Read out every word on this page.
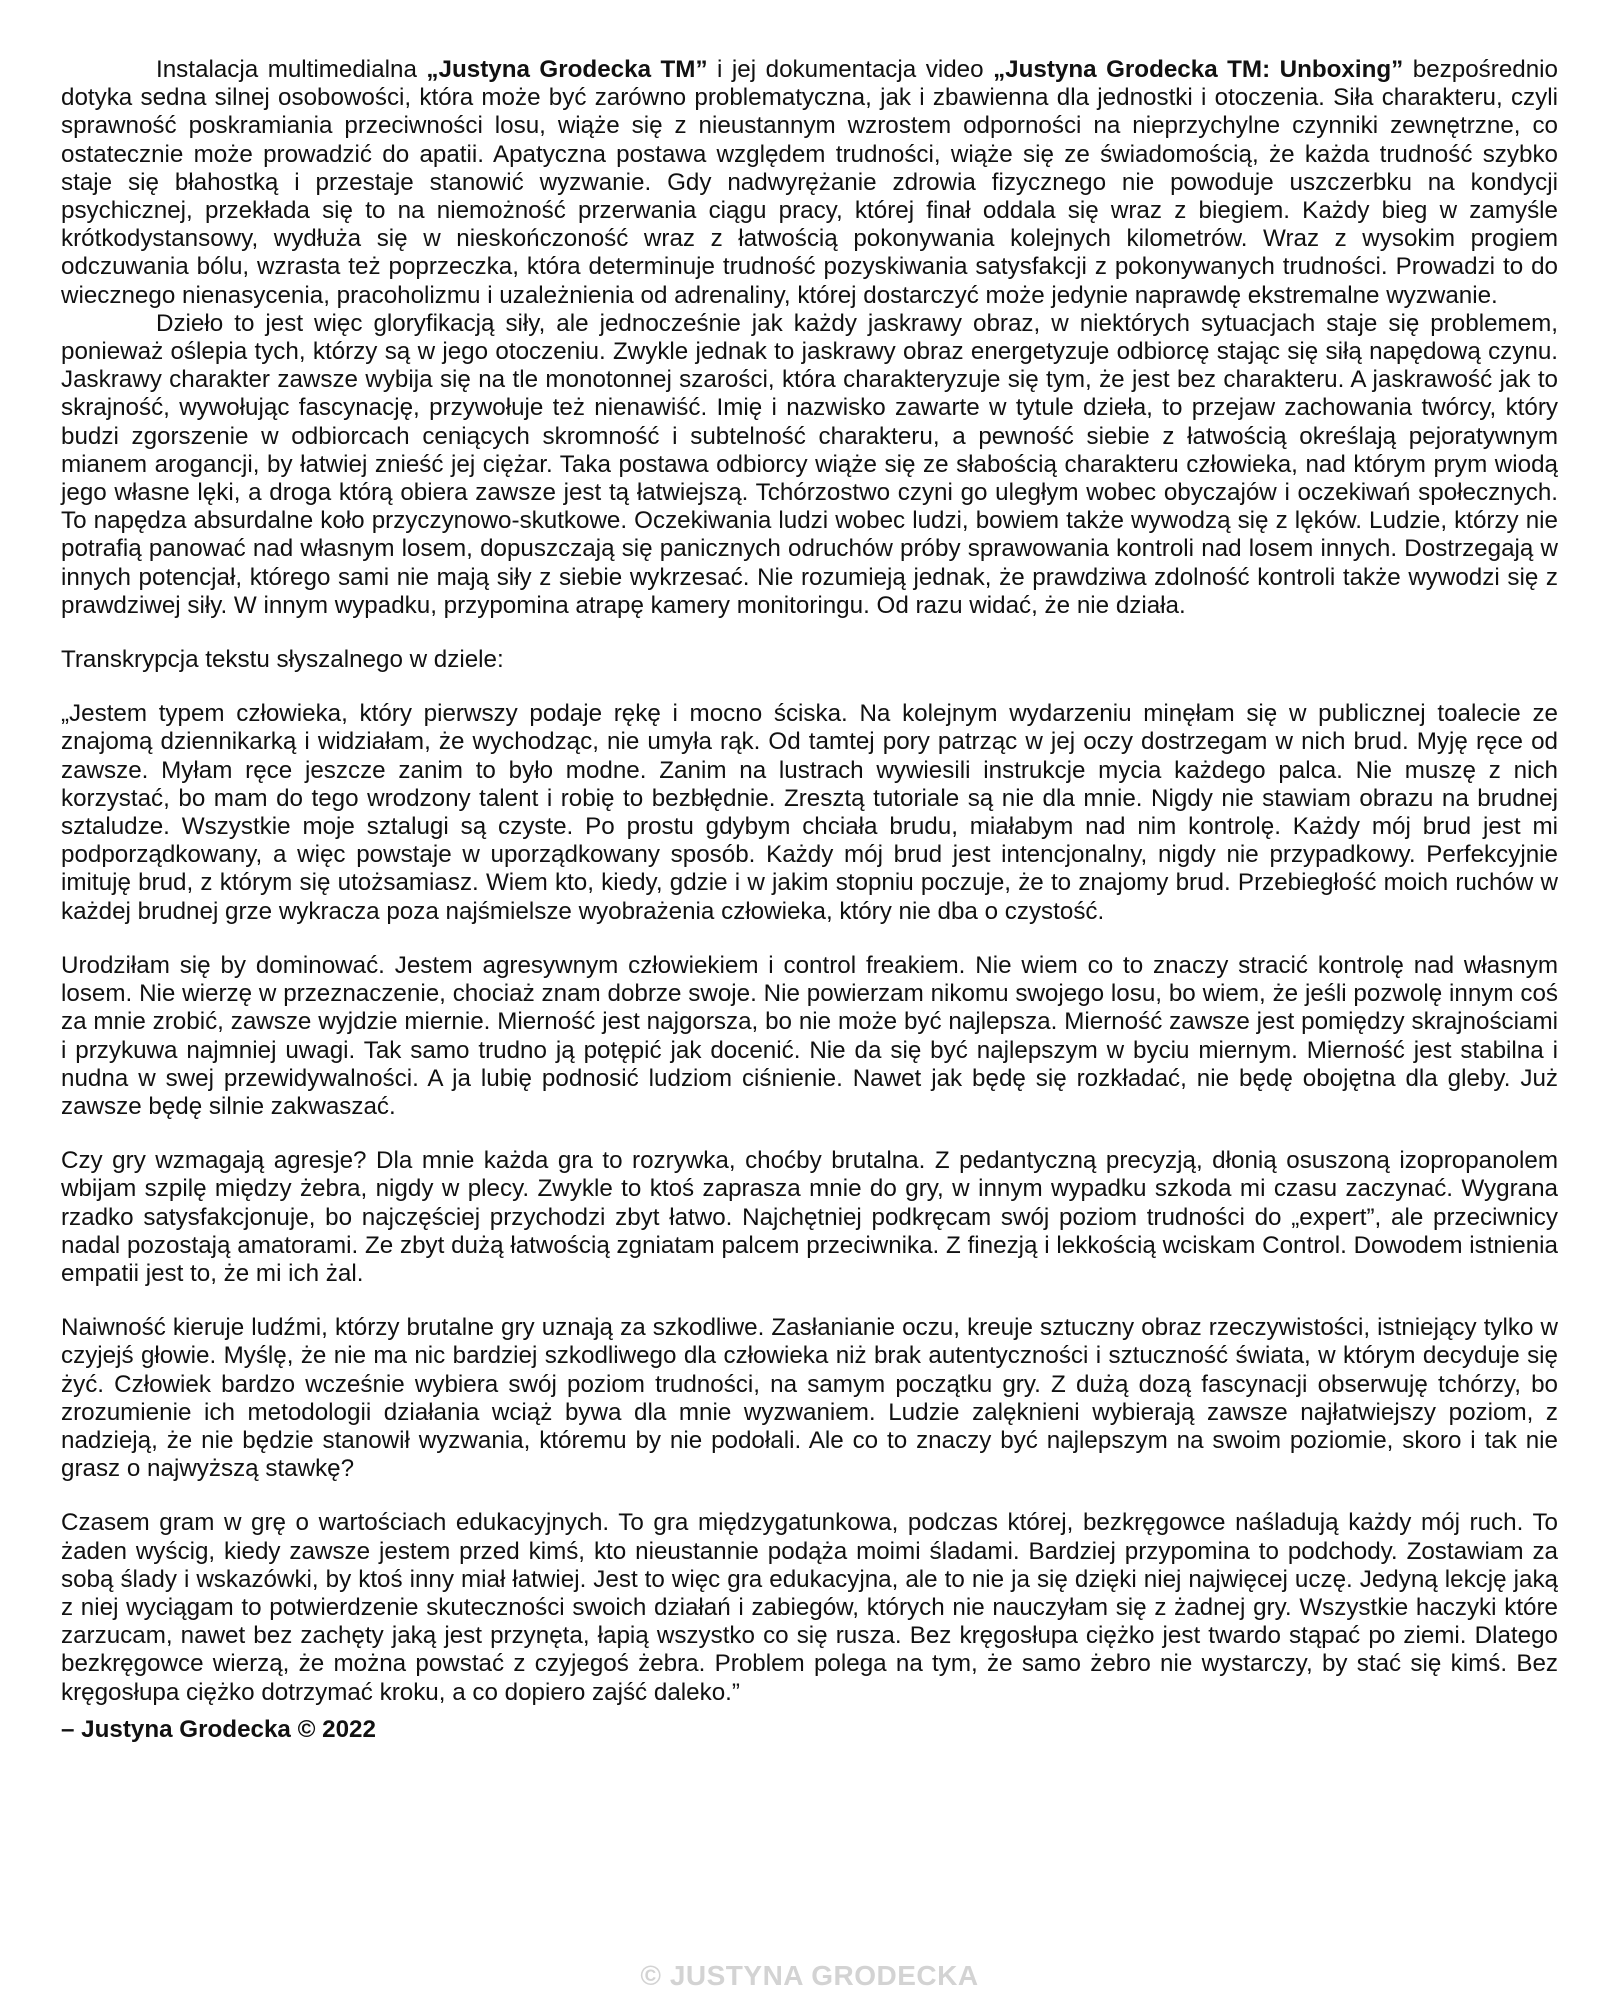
Instalacja multimedialna „Justyna Grodecka TM” i jej dokumentacja video „Justyna Grodecka TM: Unboxing” bezpośrednio dotyka sedna silnej osobowości, która może być zarówno problematyczna, jak i zbawienna dla jednostki i otoczenia. Siła charakteru, czyli sprawność poskramiania przeciwności losu, wiąże się z nieustannym wzrostem odporności na nieprzychylne czynniki zewnętrzne, co ostatecznie może prowadzić do apatii. Apatyczna postawa względem trudności, wiąże się ze świadomością, że każda trudność szybko staje się błahostką i przestaje stanowić wyzwanie. Gdy nadwyrężanie zdrowia fizycznego nie powoduje uszczerbku na kondycji psychicznej, przekłada się to na niemożność przerwania ciągu pracy, której finał oddala się wraz z biegiem. Każdy bieg w zamyśle krótkodystansowy, wydłuża się w nieskończoność wraz z łatwością pokonywania kolejnych kilometrów. Wraz z wysokim progiem odczuwania bólu, wzrasta też poprzeczka, która determinuje trudność pozyskiwania satysfakcji z pokonywanych trudności. Prowadzi to do wiecznego nienasycenia, pracoholizmu i uzależnienia od adrenaliny, której dostarczyć może jedynie naprawdę ekstremalne wyzwanie.

Dzieło to jest więc gloryfikacją siły, ale jednocześnie jak każdy jaskrawy obraz, w niektórych sytuacjach staje się problemem, ponieważ oślepia tych, którzy są w jego otoczeniu. Zwykle jednak to jaskrawy obraz energetyzuje odbiorcę stając się siłą napędową czynu. Jaskrawy charakter zawsze wybija się na tle monotonnej szarości, która charakteryzuje się tym, że jest bez charakteru. A jaskrawość jak to skrajność, wywołując fascynację, przywołuje też nienawiść. Imię i nazwisko zawarte w tytule dzieła, to przejaw zachowania twórcy, który budzi zgorszenie w odbiorcach ceniących skromność i subtelność charakteru, a pewność siebie z łatwością określają pejoratywnym mianem arogancji, by łatwiej znieść jej ciężar. Taka postawa odbiorcy wiąże się ze słabością charakteru człowieka, nad którym prym wiodą jego własne lęki, a droga którą obiera zawsze jest tą łatwiejszą. Tchórzostwo czyni go uległym wobec obyczajów i oczekiwań społecznych. To napędza absurdalne koło przyczynowo-skutkowe. Oczekiwania ludzi wobec ludzi, bowiem także wywodzą się z lęków. Ludzie, którzy nie potrafią panować nad własnym losem, dopuszczają się panicznych odruchów próby sprawowania kontroli nad losem innych. Dostrzegają w innych potencjał, którego sami nie mają siły z siebie wykrzesać. Nie rozumieją jednak, że prawdziwa zdolność kontroli także wywodzi się z prawdziwej siły. W innym wypadku, przypomina atrapę kamery monitoringu. Od razu widać, że nie działa.

Transkrypcja tekstu słyszalnego w dziele:

„Jestem typem człowieka, który pierwszy podaje rękę i mocno ściska. Na kolejnym wydarzeniu minęłam się w publicznej toalecie ze znajomą dziennikarką i widziałam, że wychodząc, nie umyła rąk. Od tamtej pory patrząc w jej oczy dostrzegam w nich brud. Myję ręce od zawsze. Myłam ręce jeszcze zanim to było modne. Zanim na lustrach wywiesili instrukcje mycia każdego palca. Nie muszę z nich korzystać, bo mam do tego wrodzony talent i robię to bezbłędnie. Zresztą tutoriale są nie dla mnie. Nigdy nie stawiam obrazu na brudnej sztaludze. Wszystkie moje sztalugi są czyste. Po prostu gdybym chciała brudu, miałabym nad nim kontrolę. Każdy mój brud jest mi podporządkowany, a więc powstaje w uporządkowany sposób. Każdy mój brud jest intencjonalny, nigdy nie przypadkowy. Perfekcyjnie imituję brud, z którym się utożsamiasz. Wiem kto, kiedy, gdzie i w jakim stopniu poczuje, że to znajomy brud. Przebiegłość moich ruchów w każdej brudnej grze wykracza poza najśmielsze wyobrażenia człowieka, który nie dba o czystość.

Urodziłam się by dominować. Jestem agresywnym człowiekiem i control freakiem. Nie wiem co to znaczy stracić kontrolę nad własnym losem. Nie wierzę w przeznaczenie, chociaż znam dobrze swoje. Nie powierzam nikomu swojego losu, bo wiem, że jeśli pozwolę innym coś za mnie zrobić, zawsze wyjdzie miernie. Mierność jest najgorsza, bo nie może być najlepsza. Mierność zawsze jest pomiędzy skrajnościami i przykuwa najmniej uwagi. Tak samo trudno ją potępić jak docenić. Nie da się być najlepszym w byciu miernym. Mierność jest stabilna i nudna w swej przewidywalności. A ja lubię podnosić ludziom ciśnienie. Nawet jak będę się rozkładać, nie będę obojętna dla gleby. Już zawsze będę silnie zakwaszać.

Czy gry wzmagają agresje? Dla mnie każda gra to rozrywka, choćby brutalna. Z pedantyczną precyzją, dłonią osuszoną izopropanolem wbijam szpilę między żebra, nigdy w plecy. Zwykle to ktoś zaprasza mnie do gry, w innym wypadku szkoda mi czasu zaczynać. Wygrana rzadko satysfakcjonuje, bo najczęściej przychodzi zbyt łatwo. Najchętniej podkręcam swój poziom trudności do „expert”, ale przeciwnicy nadal pozostają amatorami. Ze zbyt dużą łatwością zgniatam palcem przeciwnika. Z finezją i lekkością wciskam Control. Dowodem istnienia empatii jest to, że mi ich żal.

Naiwność kieruje ludźmi, którzy brutalne gry uznają za szkodliwe. Zasłanianie oczu, kreuje sztuczny obraz rzeczywistości, istniejący tylko w czyjejś głowie. Myślę, że nie ma nic bardziej szkodliwego dla człowieka niż brak autentyczności i sztuczność świata, w którym decyduje się żyć. Człowiek bardzo wcześnie wybiera swój poziom trudności, na samym początku gry. Z dużą dozą fascynacji obserwuję tchórzy, bo zrozumienie ich metodologii działania wciąż bywa dla mnie wyzwaniem. Ludzie zalęknieni wybierają zawsze najłatwiejszy poziom, z nadzieją, że nie będzie stanowił wyzwania, któremu by nie podołali. Ale co to znaczy być najlepszym na swoim poziomie, skoro i tak nie grasz o najwyższą stawkę?

Czasem gram w grę o wartościach edukacyjnych. To gra międzygatunkowa, podczas której, bezkręgowce naśladują każdy mój ruch. To żaden wyścig, kiedy zawsze jestem przed kimś, kto nieustannie podąża moimi śladami. Bardziej przypomina to podchody. Zostawiam za sobą ślady i wskazówki, by ktoś inny miał łatwiej. Jest to więc gra edukacyjna, ale to nie ja się dzięki niej najwięcej uczę. Jedyną lekcję jaką z niej wyciągam to potwierdzenie skuteczności swoich działań i zabiegów, których nie nauczyłam się z żadnej gry. Wszystkie haczyki które zarzucam, nawet bez zachęty jaką jest przynęta, łapią wszystko co się rusza. Bez kręgosłupa ciężko jest twardo stąpać po ziemi. Dlatego bezkręgowce wierzą, że można powstać z czyjegoś żebra. Problem polega na tym, że samo żebro nie wystarczy, by stać się kimś. Bez kręgosłupa ciężko dotrzymać kroku, a co dopiero zajść daleko.”

– Justyna Grodecka © 2022

© JUSTYNA GRODECKA
